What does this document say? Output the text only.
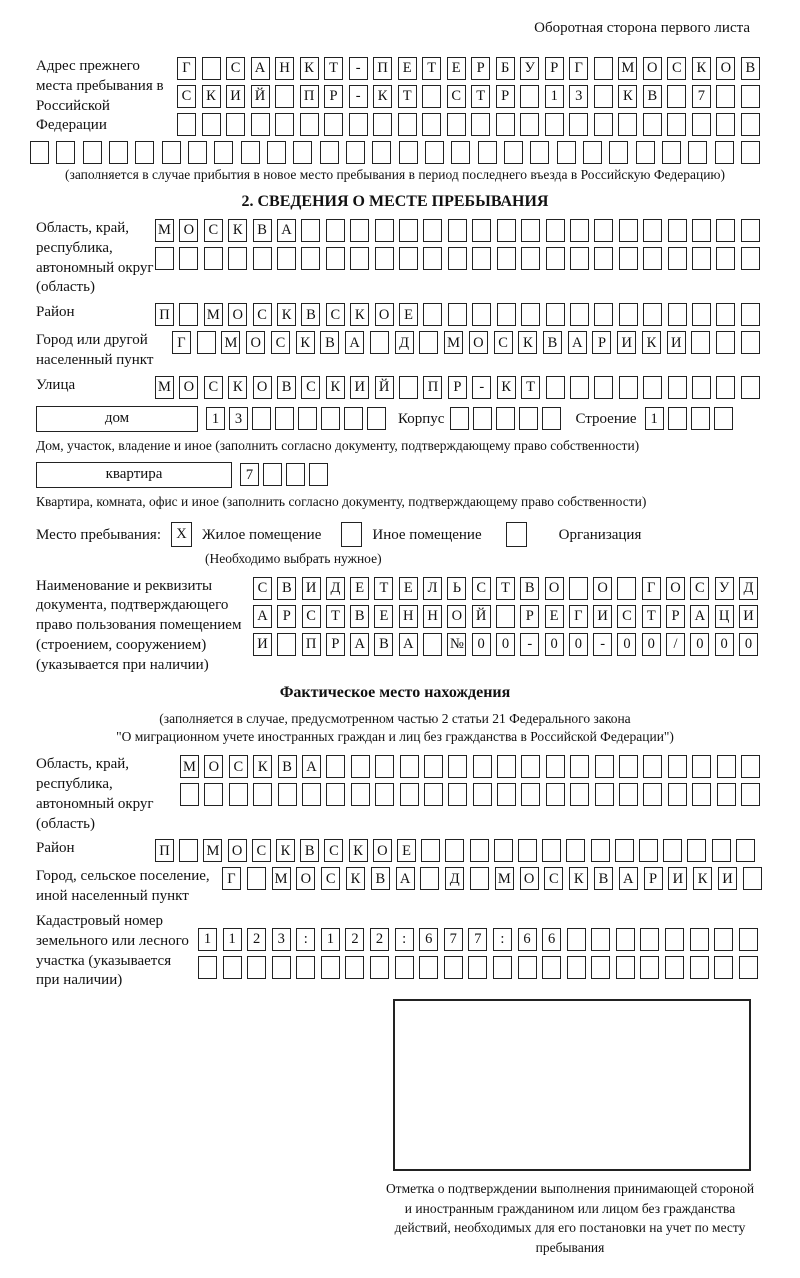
Оборотная сторона первого листа
Адрес прежнего места пребывания в Российской Федерации
Г	С А Н К	Т	-	П	Е	Т	Е	Р	Б	У	Р	Г	М О С	К О В
С	К И Й	П	Р	-	К	Т	С	Т	Р	1	3	К	В	7
(заполняется в случае прибытия в новое место пребывания в период последнего въезда в Российскую Федерацию)
2. СВЕДЕНИЯ О МЕСТЕ ПРЕБЫВАНИЯ
Область, край, республика, автономный округ (область)
М О С	К	В А
Район	П	М О С	К	В	С	К О	Е
Город или другой населенный пункт
Г	М О	С	К	В	А	Д	М О	С	К	В	А	Р	И	К	И
Улица	М О С	К О В	С	К И Й	П	Р	-	К	Т
дом	1	3	Корпус	Строение 1
Дом, участок, владение и иное (заполнить согласно документу, подтверждающему право собственности)
квартира	7
Квартира, комната, офис и иное (заполнить согласно документу, подтверждающему право собственности)
Место пребывания:	X	Жилое помещение	Иное помещение	Организация
(Необходимо выбрать нужное)
Наименование и реквизиты документа, подтверждающего право пользования помещением (строением, сооружением) (указывается при наличии)
С	В И Д	Е	Т	Е	Л	Ь	С	Т	В О	О	Г	О С У Д
А	Р	С	Т	В	Е	Н Н О Й	Р	Е	Г	И С	Т	Р	А Ц И
И	П	Р	А В А	№ 0	0	-	0	0	-	0	0	/	0	0	0
Фактическое место нахождения
(заполняется в случае, предусмотренном частью 2 статьи 21 Федерального закона
"О миграционном учете иностранных граждан и лиц без гражданства в Российской Федерации")
Область, край, республика, автономный округ (область)
М О С	К	В А
Район	П	М О С	К	В	С	К О	Е
Город, сельское поселение, иной населенный пункт
Г	М О	С	К	В	А	Д	М О	С	К	В	А	Р	И	К	И
Кадастровый номер земельного или лесного участка (указывается при наличии)
1	1	2	3	:	1	2	2	:	6	7	7	:	6	6
Отметка о подтверждении выполнения принимающей стороной и иностранным гражданином или лицом без гражданства действий, необходимых для его постановки на учет по месту пребывания
